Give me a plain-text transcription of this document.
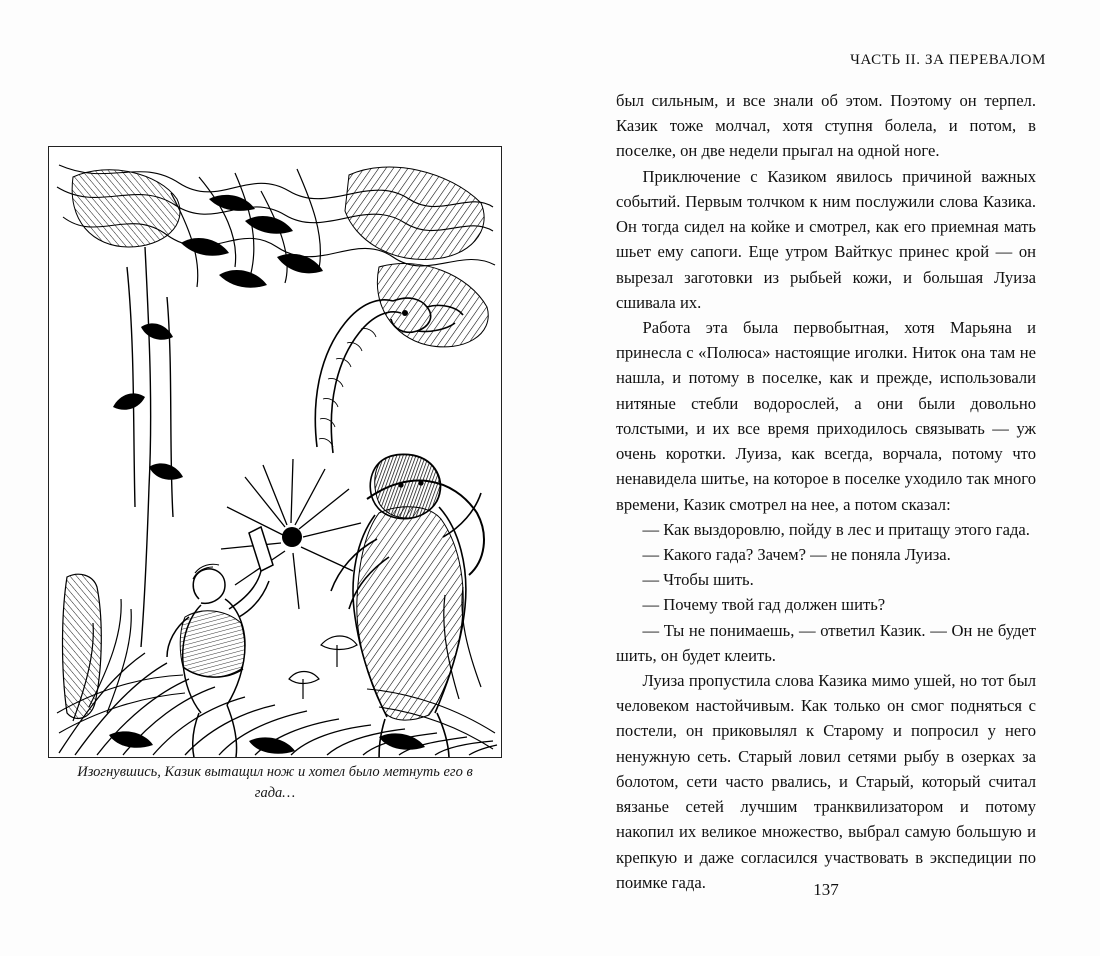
Изогнувшись, Казик вытащил нож и хотел было метнуть его в гада…
ЧАСТЬ II. ЗА ПЕРЕВАЛОМ

был сильным, и все знали об этом. Поэтому он терпел. Казик тоже молчал, хотя ступня болела, и потом, в поселке, он две недели прыгал на одной ноге.

Приключение с Казиком явилось причиной важных событий. Первым толчком к ним послужили слова Казика. Он тогда сидел на койке и смотрел, как его приемная мать шьет ему сапоги. Еще утром Вайткус принес крой — он вырезал заготовки из рыбьей кожи, и большая Луиза сшивала их.

Работа эта была первобытная, хотя Марьяна и принесла с «Полюса» настоящие иголки. Ниток она там не нашла, и потому в поселке, как и прежде, использовали нитяные стебли водорослей, а они были довольно толстыми, и их все время приходилось связывать — уж очень коротки. Луиза, как всегда, ворчала, потому что ненавидела шитье, на которое в поселке уходило так много времени, Казик смотрел на нее, а потом сказал:

— Как выздоровлю, пойду в лес и притащу этого гада.

— Какого гада? Зачем? — не поняла Луиза.

— Чтобы шить.

— Почему твой гад должен шить?

— Ты не понимаешь, — ответил Казик. — Он не будет шить, он будет клеить.

Луиза пропустила слова Казика мимо ушей, но тот был человеком настойчивым. Как только он смог подняться с постели, он приковылял к Старому и попросил у него ненужную сеть. Старый ловил сетями рыбу в озерках за болотом, сети часто рвались, и Старый, который считал вязанье сетей лучшим транквилизатором и потому накопил их великое множество, выбрал самую большую и крепкую и даже согласился участвовать в экспедиции по поимке гада.	137
